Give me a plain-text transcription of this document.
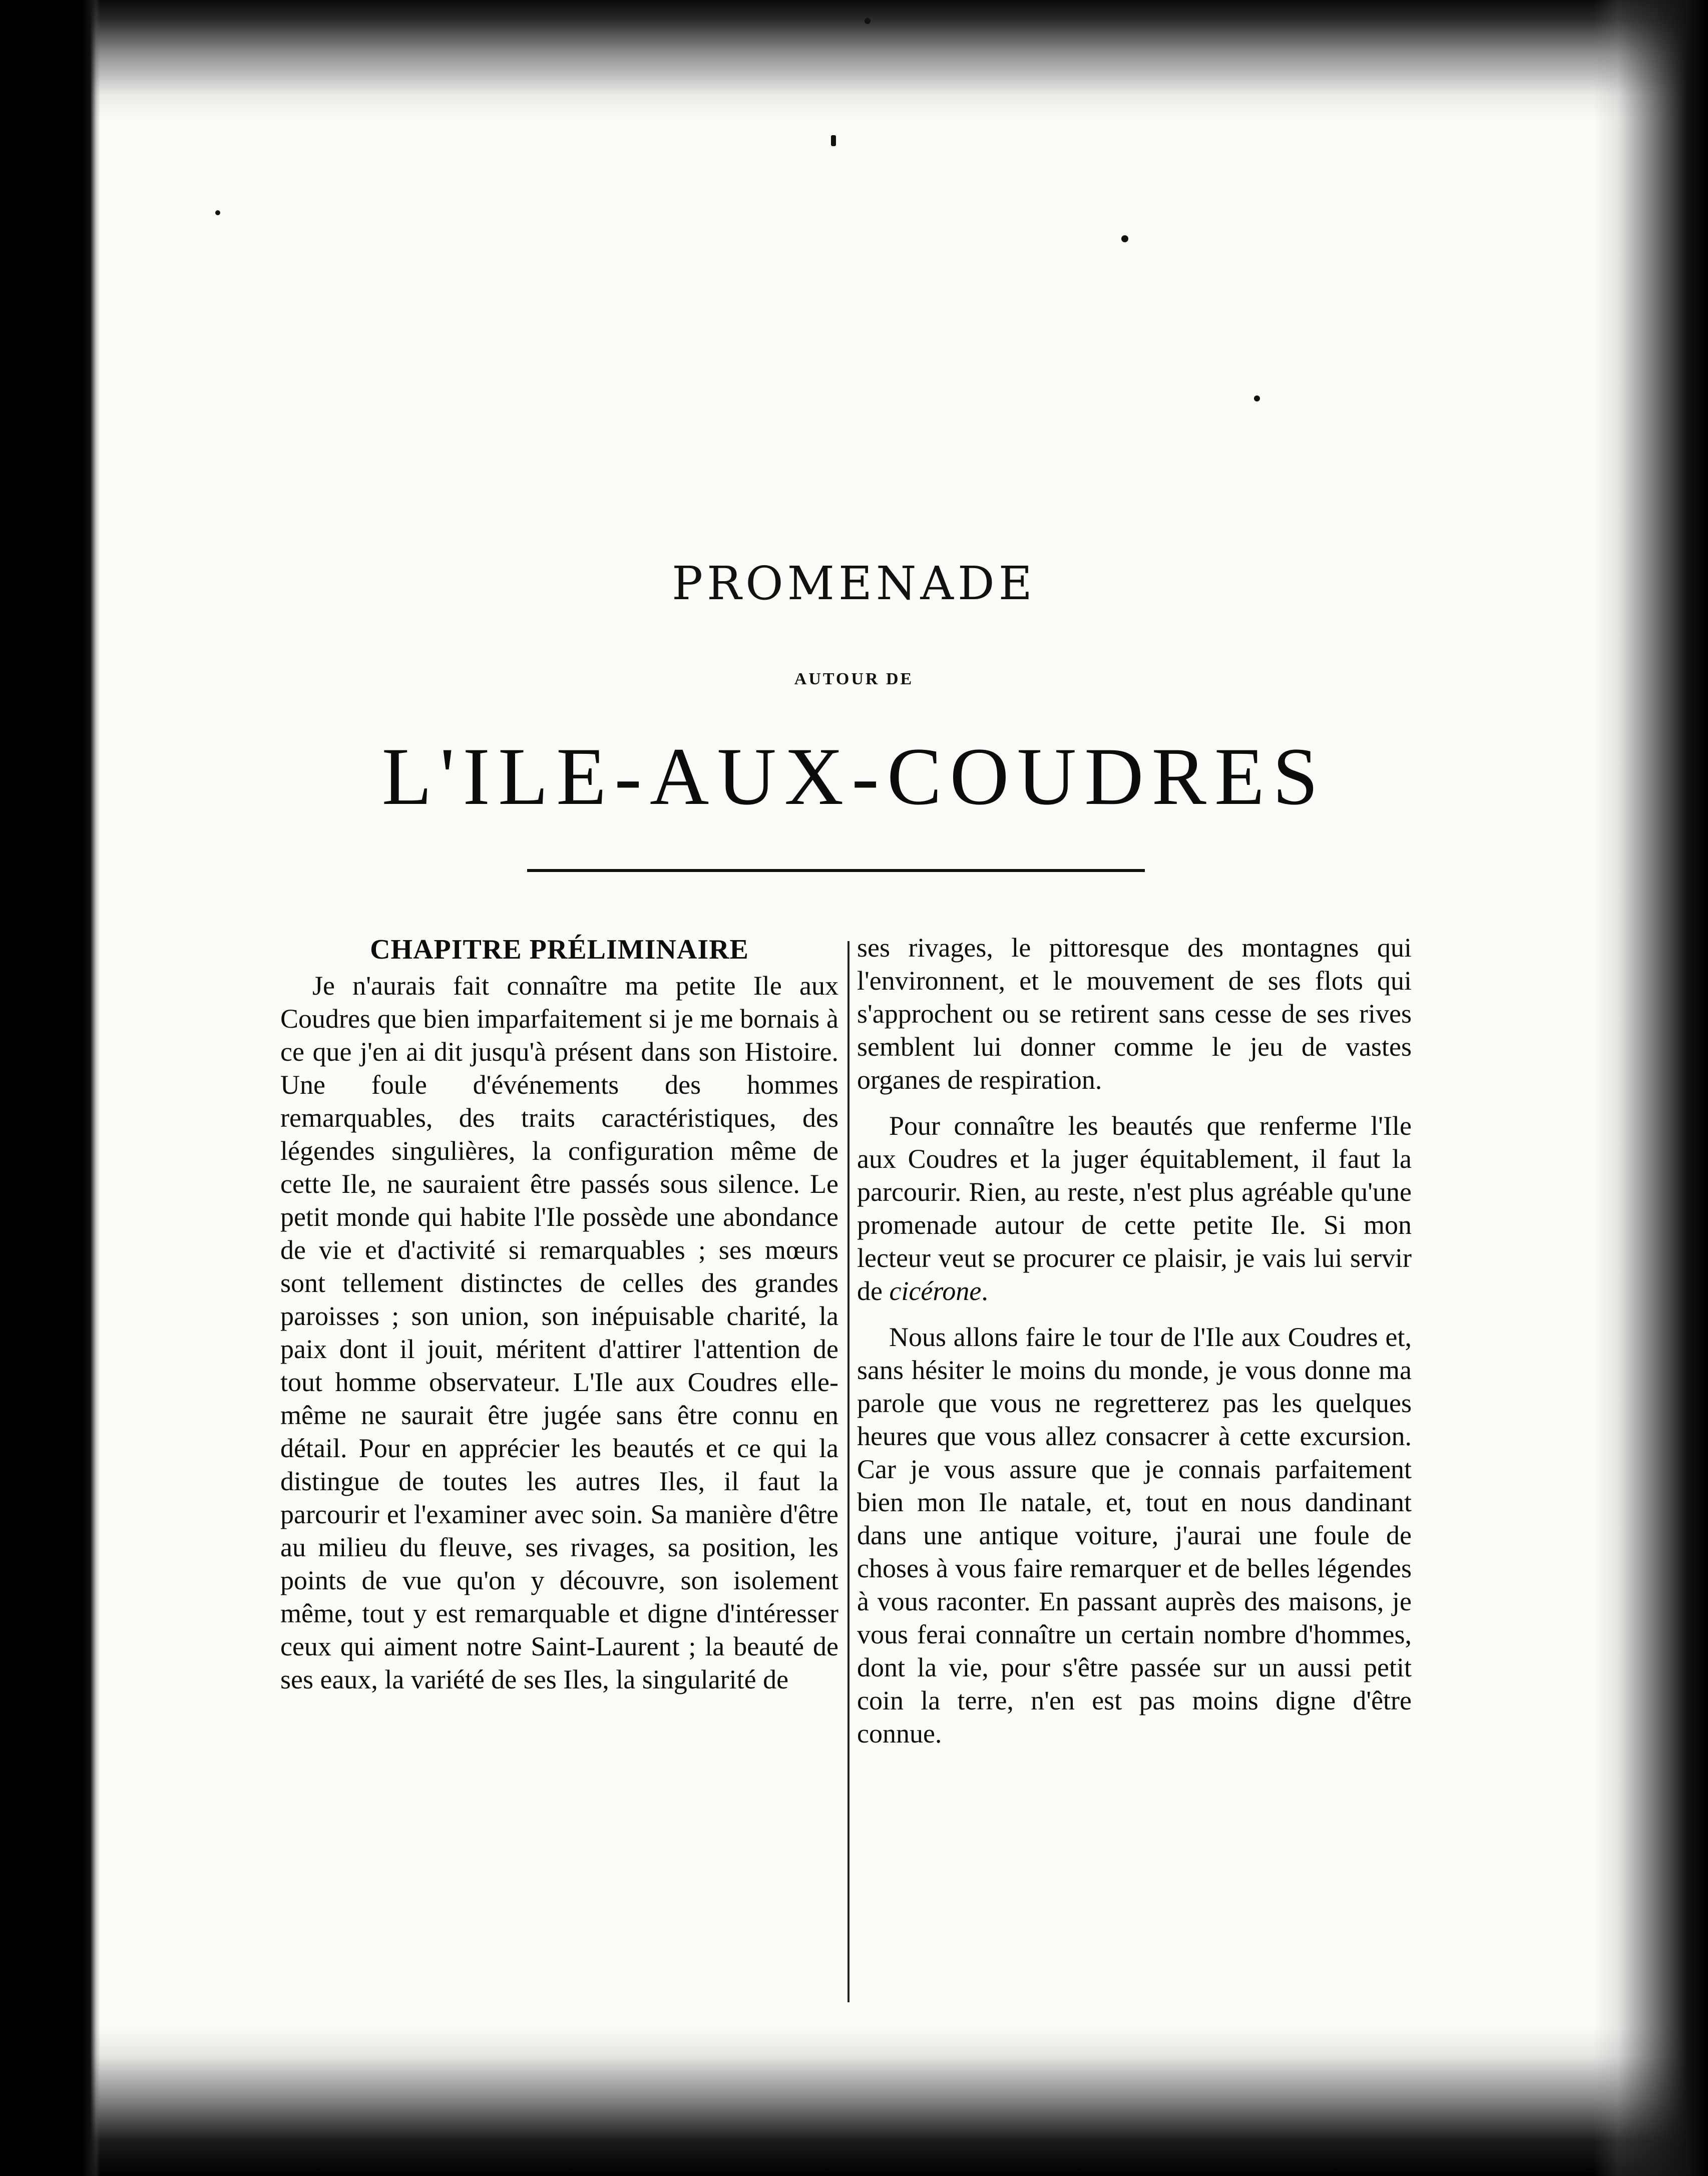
PROMENADE
AUTOUR DE
L'ILE-AUX-COUDRES
CHAPITRE PRÉLIMINAIRE

Je n'aurais fait connaître ma petite Ile aux Coudres que bien imparfaitement si je me bornais à ce que j'en ai dit jusqu'à présent dans son Histoire. Une foule d'événements des hommes remarquables, des traits caractéristiques, des légendes singulières, la configuration même de cette Ile, ne sauraient être passés sous silence. Le petit monde qui habite l'Ile possède une abondance de vie et d'activité si remarquables ; ses mœurs sont tellement distinctes de celles des grandes paroisses ; son union, son inépuisable charité, la paix dont il jouit, méritent d'attirer l'attention de tout homme observateur. L'Ile aux Coudres elle-même ne saurait être jugée sans être connu en détail. Pour en apprécier les beautés et ce qui la distingue de toutes les autres Iles, il faut la parcourir et l'examiner avec soin. Sa manière d'être au milieu du fleuve, ses rivages, sa position, les points de vue qu'on y découvre, son isolement même, tout y est remarquable et digne d'intéresser ceux qui aiment notre Saint-Laurent ; la beauté de ses eaux, la variété de ses Iles, la singularité de

ses rivages, le pittoresque des montagnes qui l'environnent, et le mouvement de ses flots qui s'approchent ou se retirent sans cesse de ses rives semblent lui donner comme le jeu de vastes organes de respiration.

Pour connaître les beautés que renferme l'Ile aux Coudres et la juger équitablement, il faut la parcourir. Rien, au reste, n'est plus agréable qu'une promenade autour de cette petite Ile. Si mon lecteur veut se procurer ce plaisir, je vais lui servir de cicérone.

Nous allons faire le tour de l'Ile aux Coudres et, sans hésiter le moins du monde, je vous donne ma parole que vous ne regretterez pas les quelques heures que vous allez consacrer à cette excursion. Car je vous assure que je connais parfaitement bien mon Ile natale, et, tout en nous dandinant dans une antique voiture, j'aurai une foule de choses à vous faire remarquer et de belles légendes à vous raconter. En passant auprès des maisons, je vous ferai connaître un certain nombre d'hommes, dont la vie, pour s'être passée sur un aussi petit coin la terre, n'en est pas moins digne d'être connue.
